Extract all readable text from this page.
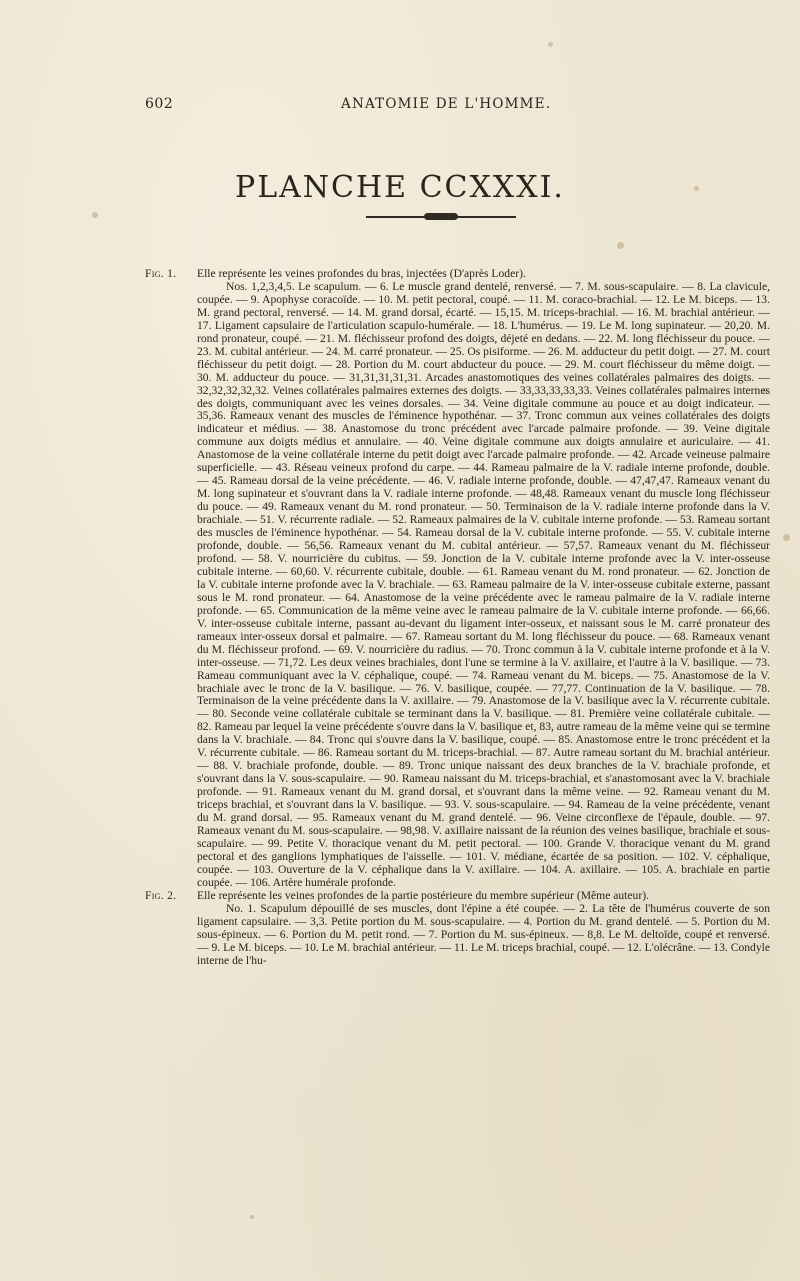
602	ANATOMIE DE L'HOMME.
PLANCHE CCXXXI.
Fig. 1. Elle représente les veines profondes du bras, injectées (D'après Loder).
Nos. 1,2,3,4,5. Le scapulum. — 6. Le muscle grand dentelé, renversé. — 7. M. sous-scapulaire. — 8. La clavicule, coupée. — 9. Apophyse coracoïde. — 10. M. petit pectoral, coupé. — 11. M. coraco-brachial. — 12. Le M. biceps. — 13. M. grand pectoral, renversé. — 14. M. grand dorsal, écarté. — 15,15. M. triceps-brachial. — 16. M. brachial antérieur. — 17. Ligament capsulaire de l'articulation scapulo-humérale. — 18. L'humérus. — 19. Le M. long supinateur. — 20,20. M. rond pronateur, coupé. — 21. M. fléchisseur profond des doigts, déjeté en dedans. — 22. M. long fléchisseur du pouce. — 23. M. cubital antérieur. — 24. M. carré pronateur. — 25. Os pisiforme. — 26. M. adducteur du petit doigt. — 27. M. court fléchisseur du petit doigt. — 28. Portion du M. court abducteur du pouce. — 29. M. court fléchisseur du même doigt. — 30. M. adducteur du pouce. — 31,31,31,31,31. Arcades anastomotiques des veines collatérales palmaires des doigts. — 32,32,32,32,32. Veines collatérales palmaires externes des doigts. — 33,33,33,33,33. Veines collatérales palmaires internes des doigts, communiquant avec les veines dorsales. — 34. Veine digitale commune au pouce et au doigt indicateur. — 35,36. Rameaux venant des muscles de l'éminence hypothénar. — 37. Tronc commun aux veines collatérales des doigts indicateur et médius. — 38. Anastomose du tronc précédent avec l'arcade palmaire profonde. — 39. Veine digitale commune aux doigts médius et annulaire. — 40. Veine digitale commune aux doigts annulaire et auriculaire. — 41. Anastomose de la veine collatérale interne du petit doigt avec l'arcade palmaire profonde. — 42. Arcade veineuse palmaire superficielle. — 43. Réseau veineux profond du carpe. — 44. Rameau palmaire de la V. radiale interne profonde, double. — 45. Rameau dorsal de la veine précédente. — 46. V. radiale interne profonde, double. — 47,47,47. Rameaux venant du M. long supinateur et s'ouvrant dans la V. radiale interne profonde. — 48,48. Rameaux venant du muscle long fléchisseur du pouce. — 49. Rameaux venant du M. rond pronateur. — 50. Terminaison de la V. radiale interne profonde dans la V. brachiale. — 51. V. récurrente radiale. — 52. Rameaux palmaires de la V. cubitale interne profonde. — 53. Rameau sortant des muscles de l'éminence hypothénar. — 54. Rameau dorsal de la V. cubitale interne profonde. — 55. V. cubitale interne profonde, double. — 56,56. Rameaux venant du M. cubital antérieur. — 57,57. Rameaux venant du M. fléchisseur profond. — 58. V. nourricière du cubitus. — 59. Jonction de la V. cubitale interne profonde avec la V. inter-osseuse cubitale interne. — 60,60. V. récurrente cubitale, double. — 61. Rameau venant du M. rond pronateur. — 62. Jonction de la V. cubitale interne profonde avec la V. brachiale. — 63. Rameau palmaire de la V. inter-osseuse cubitale externe, passant sous le M. rond pronateur. — 64. Anastomose de la veine précédente avec le rameau palmaire de la V. radiale interne profonde. — 65. Communication de la même veine avec le rameau palmaire de la V. cubitale interne profonde. — 66,66. V. inter-osseuse cubitale interne, passant au-devant du ligament inter-osseux, et naissant sous le M. carré pronateur des rameaux inter-osseux dorsal et palmaire. — 67. Rameau sortant du M. long fléchisseur du pouce. — 68. Rameaux venant du M. fléchisseur profond. — 69. V. nourricière du radius. — 70. Tronc commun à la V. cubitale interne profonde et à la V. inter-osseuse. — 71,72. Les deux veines brachiales, dont l'une se termine à la V. axillaire, et l'autre à la V. basilique. — 73. Rameau communiquant avec la V. céphalique, coupé. — 74. Rameau venant du M. biceps. — 75. Anastomose de la V. brachiale avec le tronc de la V. basilique. — 76. V. basilique, coupée. — 77,77. Continuation de la V. basilique. — 78. Terminaison de la veine précédente dans la V. axillaire. — 79. Anastomose de la V. basilique avec la V. récurrente cubitale. — 80. Seconde veine collatérale cubitale se terminant dans la V. basilique. — 81. Première veine collatérale cubitale. — 82. Rameau par lequel la veine précédente s'ouvre dans la V. basilique et, 83, autre rameau de la même veine qui se termine dans la V. brachiale. — 84. Tronc qui s'ouvre dans la V. basilique, coupé. — 85. Anastomose entre le tronc précédent et la V. récurrente cubitale. — 86. Rameau sortant du M. triceps-brachial. — 87. Autre rameau sortant du M. brachial antérieur. — 88. V. brachiale profonde, double. — 89. Tronc unique naissant des deux branches de la V. brachiale profonde, et s'ouvrant dans la V. sous-scapulaire. — 90. Rameau naissant du M. triceps-brachial, et s'anastomosant avec la V. brachiale profonde. — 91. Rameaux venant du M. grand dorsal, et s'ouvrant dans la même veine. — 92. Rameau venant du M. triceps brachial, et s'ouvrant dans la V. basilique. — 93. V. sous-scapulaire. — 94. Rameau de la veine précédente, venant du M. grand dorsal. — 95. Rameaux venant du M. grand dentelé. — 96. Veine circonflexe de l'épaule, double. — 97. Rameaux venant du M. sous-scapulaire. — 98,98. V. axillaire naissant de la réunion des veines basilique, brachiale et sous-scapulaire. — 99. Petite V. thoracique venant du M. petit pectoral. — 100. Grande V. thoracique venant du M. grand pectoral et des ganglions lymphatiques de l'aisselle. — 101. V. médiane, écartée de sa position. — 102. V. céphalique, coupée. — 103. Ouverture de la V. céphalique dans la V. axillaire. — 104. A. axillaire. — 105. A. brachiale en partie coupée. — 106. Artère humérale profonde.
Fig. 2. Elle représente les veines profondes de la partie postérieure du membre supérieur (Même auteur).
No. 1. Scapulum dépouillé de ses muscles, dont l'épine a été coupée. — 2. La tête de l'humérus couverte de son ligament capsulaire. — 3,3. Petite portion du M. sous-scapulaire. — 4. Portion du M. grand dentelé. — 5. Portion du M. sous-épineux. — 6. Portion du M. petit rond. — 7. Portion du M. sus-épineux. — 8,8. Le M. deltoïde, coupé et renversé. — 9. Le M. biceps. — 10. Le M. brachial antérieur. — 11. Le M. triceps brachial, coupé. — 12. L'olécrâne. — 13. Condyle interne de l'hu-
